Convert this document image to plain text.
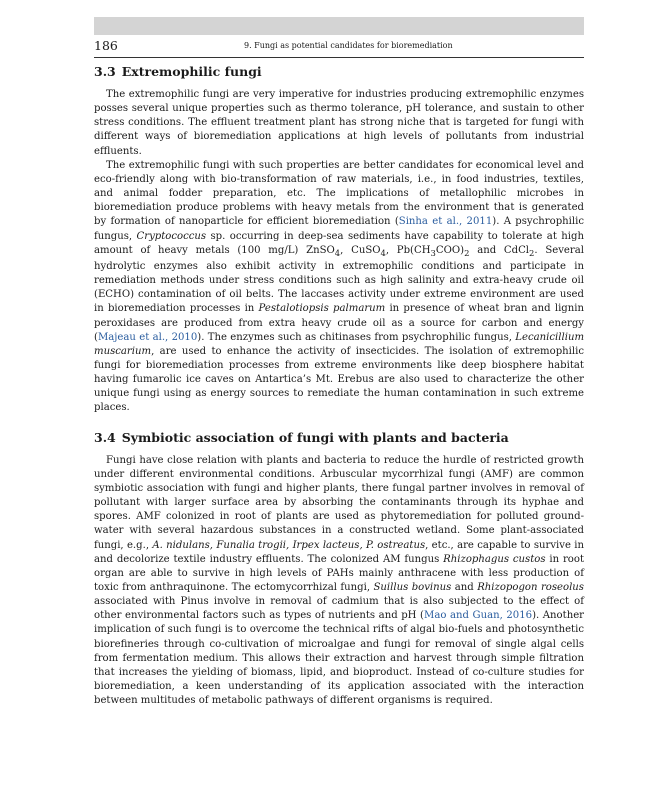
186	9. Fungi as potential candidates for bioremediation
3.3 Extremophilic fungi

The extremophilic fungi are very imperative for industries producing extremophilic enzymes posses several unique properties such as thermo tolerance, pH tolerance, and sustain to other stress conditions. The effluent treatment plant has strong niche that is targeted for fungi with different ways of bioremediation applications at high levels of pollutants from industrial effluents.

The extremophilic fungi with such properties are better candidates for economical level and eco-friendly along with bio-transformation of raw materials, i.e., in food industries, textiles, and animal fodder preparation, etc. The implications of metallophilic microbes in bioremediation produce problems with heavy metals from the environment that is generated by formation of nanoparticle for efficient bioremediation (Sinha et al., 2011). A psychrophilic fungus, Cryptococcus sp. occurring in deep-sea sediments have capability to tolerate at high amount of heavy metals (100 mg/L) ZnSO$_4$, CuSO$_4$, $Pb(CH_3COO)_2$ and CdCl$_2$. Several hydrolytic enzymes also exhibit activity in extremophilic conditions and participate in remediation methods under stress conditions such as high salinity and extra-heavy crude oil (ECHO) contamination of oil belts. The laccases activity under extreme environment are used in bioremediation processes in Pestalotiopsis palmarum in presence of wheat bran and lignin peroxidases are produced from extra heavy crude oil as a source for carbon and energy (Majeau et al., 2010). The enzymes such as chitinases from psychrophilic fungus, Lecanicillium muscarium, are used to enhance the activity of insecticides. The isolation of extremophilic fungi for bioremediation processes from extreme environments like deep biosphere habitat having fumarolic ice caves on Antartica’s Mt. Erebus are also used to characterize the other unique fungi using as energy sources to remediate the human contamination in such extreme places.

3.4 Symbiotic association of fungi with plants and bacteria

Fungi have close relation with plants and bacteria to reduce the hurdle of restricted growth under different environmental conditions. Arbuscular mycorrhizal fungi (AMF) are common symbiotic association with fungi and higher plants, there fungal partner involves in removal of pollutant with larger surface area by absorbing the contaminants through its hyphae and spores. AMF colonized in root of plants are used as phytoremediation for polluted ground-water with several hazardous substances in a constructed wetland. Some plant-associated fungi, e.g., A. nidulans, Funalia trogii, Irpex lacteus, P. ostreatus, etc., are capable to survive in and decolorize textile industry effluents. The colonized AM fungus Rhizophagus custos in root organ are able to survive in high levels of PAHs mainly anthracene with less production of toxic from anthraquinone. The ectomycorrhizal fungi, Suillus bovinus and Rhizopogon roseolus associated with Pinus involve in removal of cadmium that is also subjected to the effect of other environmental factors such as types of nutrients and pH (Mao and Guan, 2016). Another implication of such fungi is to overcome the technical rifts of algal bio-fuels and photosynthetic biorefineries through co-cultivation of microalgae and fungi for removal of single algal cells from fermentation medium. This allows their extraction and harvest through simple filtration that increases the yielding of biomass, lipid, and bioproduct. Instead of co-culture studies for bioremediation, a keen understanding of its application associated with the interaction between multitudes of metabolic pathways of different organisms is required.
